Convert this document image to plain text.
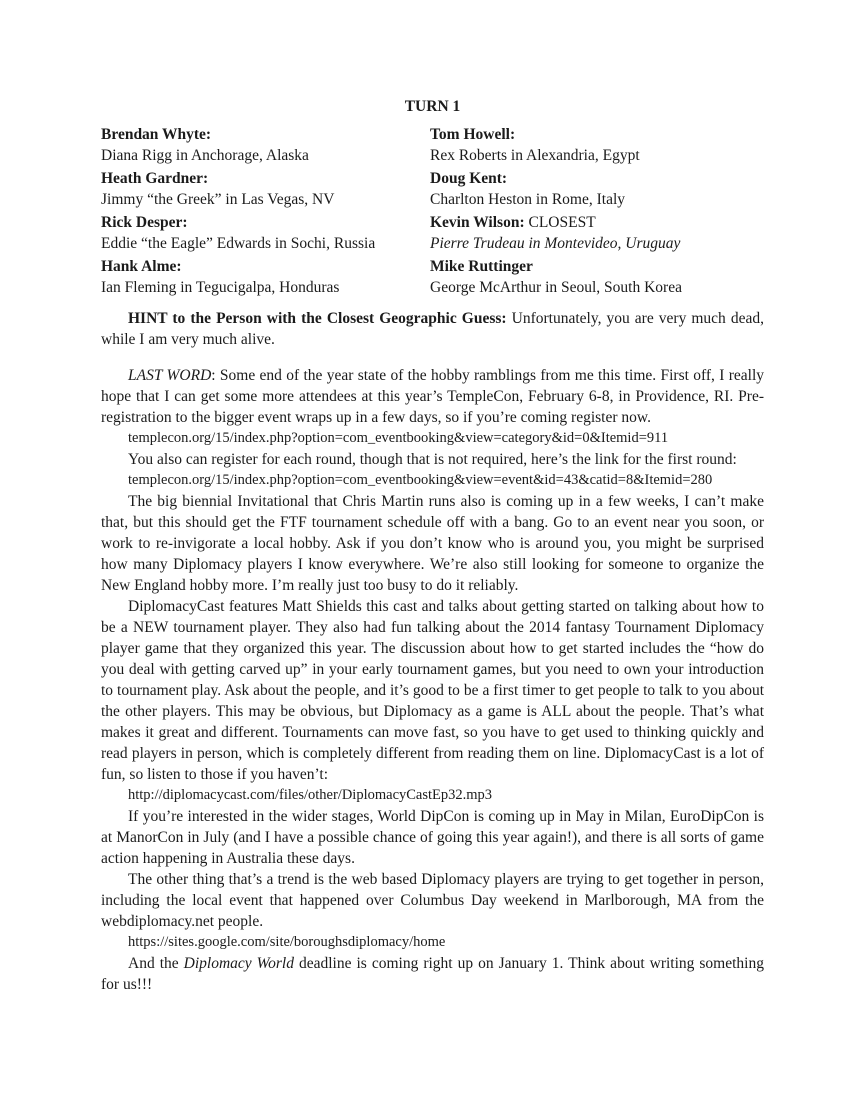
TURN 1
Brendan Whyte:
Diana Rigg in Anchorage, Alaska
Tom Howell:
Rex Roberts in Alexandria, Egypt
Heath Gardner:
Jimmy “the Greek” in Las Vegas, NV
Doug Kent:
Charlton Heston in Rome, Italy
Rick Desper:
Eddie “the Eagle” Edwards in Sochi, Russia
Kevin Wilson: CLOSEST
Pierre Trudeau in Montevideo, Uruguay
Hank Alme:
Ian Fleming in Tegucigalpa, Honduras
Mike Ruttinger
George McArthur in Seoul, South Korea

HINT to the Person with the Closest Geographic Guess: Unfortunately, you are very much dead, while I am very much alive.

LAST WORD: Some end of the year state of the hobby ramblings from me this time. First off, I really hope that I can get some more attendees at this year’s TempleCon, February 6-8, in Providence, RI. Pre-registration to the bigger event wraps up in a few days, so if you’re coming register now.

templecon.org/15/index.php?option=com_eventbooking&view=category&id=0&Itemid=911

You also can register for each round, though that is not required, here’s the link for the first round:

templecon.org/15/index.php?option=com_eventbooking&view=event&id=43&catid=8&Itemid=280

The big biennial Invitational that Chris Martin runs also is coming up in a few weeks, I can’t make that, but this should get the FTF tournament schedule off with a bang. Go to an event near you soon, or work to re-invigorate a local hobby. Ask if you don’t know who is around you, you might be surprised how many Diplomacy players I know everywhere. We’re also still looking for someone to organize the New England hobby more. I’m really just too busy to do it reliably.

DiplomacyCast features Matt Shields this cast and talks about getting started on talking about how to be a NEW tournament player. They also had fun talking about the 2014 fantasy Tournament Diplomacy player game that they organized this year. The discussion about how to get started includes the “how do you deal with getting carved up” in your early tournament games, but you need to own your introduction to tournament play. Ask about the people, and it’s good to be a first timer to get people to talk to you about the other players. This may be obvious, but Diplomacy as a game is ALL about the people. That’s what makes it great and different. Tournaments can move fast, so you have to get used to thinking quickly and read players in person, which is completely different from reading them on line. DiplomacyCast is a lot of fun, so listen to those if you haven’t:

http://diplomacycast.com/files/other/DiplomacyCastEp32.mp3

If you’re interested in the wider stages, World DipCon is coming up in May in Milan, EuroDipCon is at ManorCon in July (and I have a possible chance of going this year again!), and there is all sorts of game action happening in Australia these days.

The other thing that’s a trend is the web based Diplomacy players are trying to get together in person, including the local event that happened over Columbus Day weekend in Marlborough, MA from the webdiplomacy.net people.

https://sites.google.com/site/boroughsdiplomacy/home

And the Diplomacy World deadline is coming right up on January 1. Think about writing something for us!!!
